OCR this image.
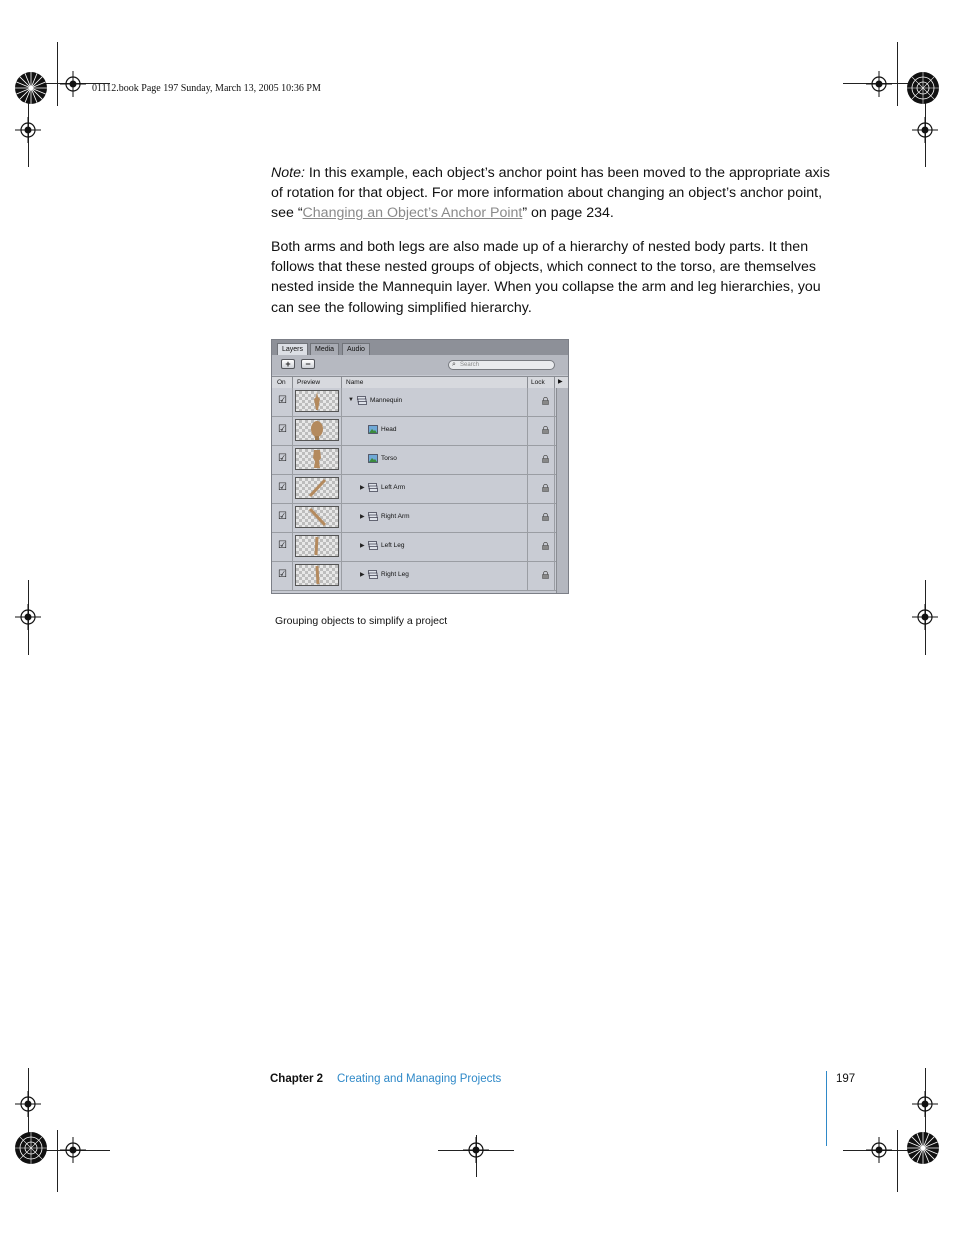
01112.book Page 197 Sunday, March 13, 2005 10:36 PM
Note: In this example, each object’s anchor point has been moved to the appropriate axis of rotation for that object. For more information about changing an object’s anchor point, see “Changing an Object’s Anchor Point” on page 234.
Both arms and both legs are also made up of a hierarchy of nested body parts. It then follows that these nested groups of objects, which connect to the torso, are themselves nested inside the Mannequin layer. When you collapse the arm and leg hierarchies, you can see the following simplified hierarchy.
Layers	Media	Audio
+	−	⌕ Search
On Preview	Name	Lock ▶
☑	▼ Mannequin
☑	Head
☑	Torso
☑	▶	Left Arm
☑	▶	Right Arm
☑	▶	Left Leg
☑	▶	Right Leg
Grouping objects to simplify a project
Chapter 2 Creating and Managing Projects	197
